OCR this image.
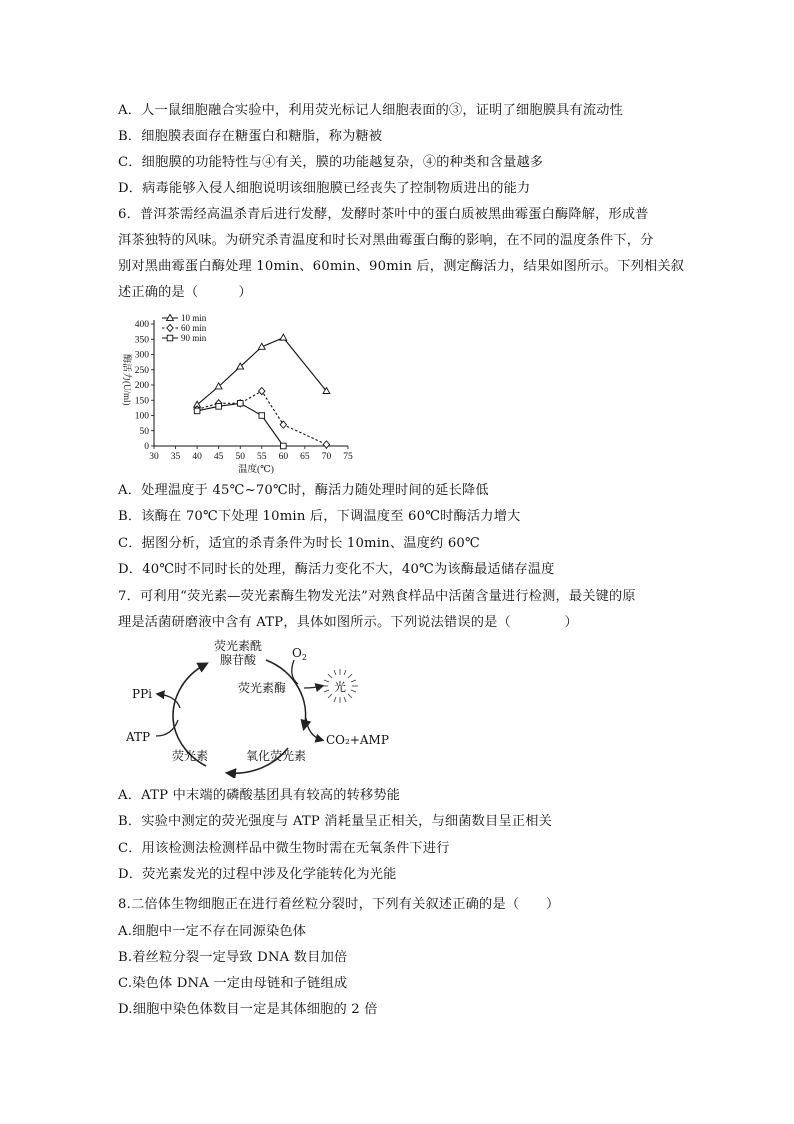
A．人一鼠细胞融合实验中，利用荧光标记人细胞表面的③，证明了细胞膜具有流动性
B．细胞膜表面存在糖蛋白和糖脂，称为糖被
C．细胞膜的功能特性与④有关，膜的功能越复杂，④的种类和含量越多
D．病毒能够入侵人细胞说明该细胞膜已经丧失了控制物质进出的能力
6．普洱茶需经高温杀青后进行发酵，发酵时茶叶中的蛋白质被黑曲霉蛋白酶降解，形成普
洱茶独特的风味。为研究杀青温度和时长对黑曲霉蛋白酶的影响，在不同的温度条件下，分
别对黑曲霉蛋白酶处理 10min、60min、90min 后，测定酶活力，结果如图所示。下列相关叙
述正确的是（　　　）
30 35 40 45 50 55 60 65 70 75
0
50
100
150
200
250
300
350
400
10 min
60 min
90 min
酶活力(U/ml)
温度(℃)
A．处理温度于 45℃~70℃时，酶活力随处理时间的延长降低
B．该酶在 70℃下处理 10min 后，下调温度至 60℃时酶活力增大
C．据图分析，适宜的杀青条件为时长 10min、温度约 60℃
D．40℃时不同时长的处理，酶活力变化不大，40℃为该酶最适储存温度
7．可利用“荧光素—荧光素酶生物发光法”对熟食样品中活菌含量进行检测，最关键的原
理是活菌研磨液中含有 ATP，具体如图所示。下列说法错误的是（　　　　）
荧光素酰
腺苷酸	$O_2$
荧光素酶	光
PPi
ATP	CO₂+AMP
荧光素	氧化荧光素
A．ATP 中末端的磷酸基团具有较高的转移势能
B．实验中测定的荧光强度与 ATP 消耗量呈正相关，与细菌数目呈正相关
C．用该检测法检测样品中微生物时需在无氧条件下进行
D．荧光素发光的过程中涉及化学能转化为光能
8.二倍体生物细胞正在进行着丝粒分裂时，下列有关叙述正确的是（　　）
A.细胞中一定不存在同源染色体
B.着丝粒分裂一定导致 DNA 数目加倍
C.染色体 DNA 一定由母链和子链组成
D.细胞中染色体数目一定是其体细胞的 2 倍
